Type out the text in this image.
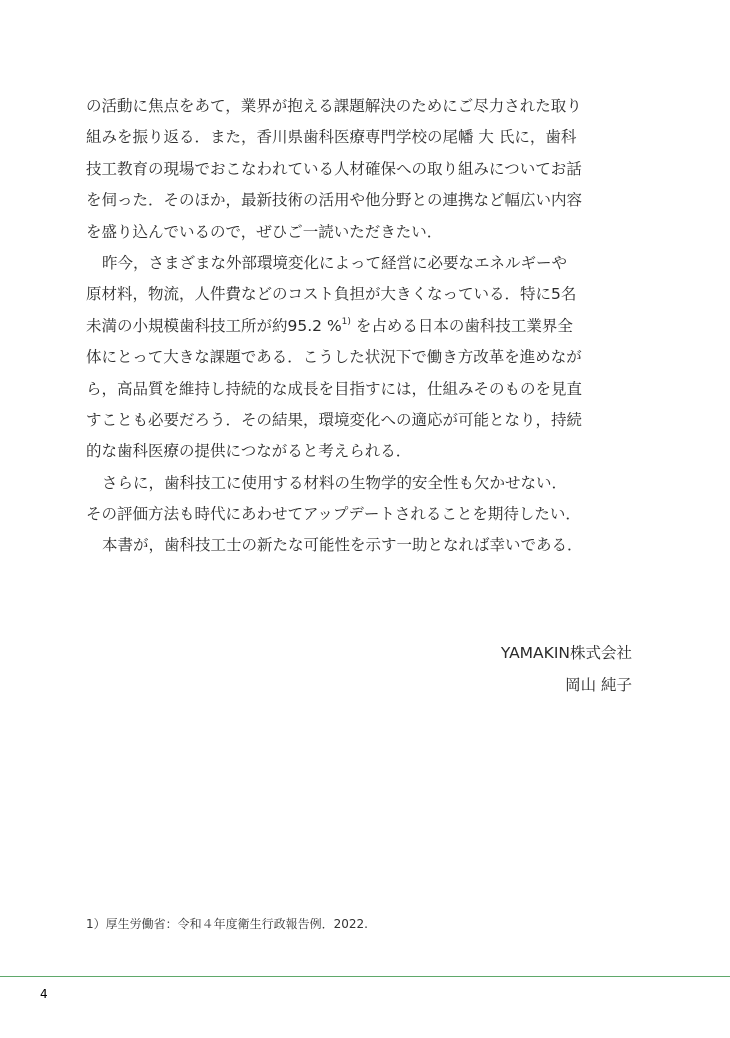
の活動に焦点をあて，業界が抱える課題解決のためにご尽力された取り
組みを振り返る．また，香川県歯科医療専門学校の尾幡 大 氏に，歯科
技工教育の現場でおこなわれている人材確保への取り組みについてお話
を伺った．そのほか，最新技術の活用や他分野との連携など幅広い内容
を盛り込んでいるので，ぜひご一読いただきたい．
昨今，さまざまな外部環境変化によって経営に必要なエネルギーや
原材料，物流，人件費などのコスト負担が大きくなっている．特に5名
未満の小規模歯科技工所が約95.2 %$^{1)}$ を占める日本の歯科技工業界全
体にとって大きな課題である．こうした状況下で働き方改革を進めなが
ら，高品質を維持し持続的な成長を目指すには，仕組みそのものを見直
すことも必要だろう．その結果，環境変化への適応が可能となり，持続
的な歯科医療の提供につながると考えられる．
さらに，歯科技工に使用する材料の生物学的安全性も欠かせない．
その評価方法も時代にあわせてアップデートされることを期待したい．
本書が，歯科技工士の新たな可能性を示す一助となれば幸いである．
YAMAKIN株式会社
岡山 純子
1）厚生労働省：令和４年度衛生行政報告例．2022.
4
